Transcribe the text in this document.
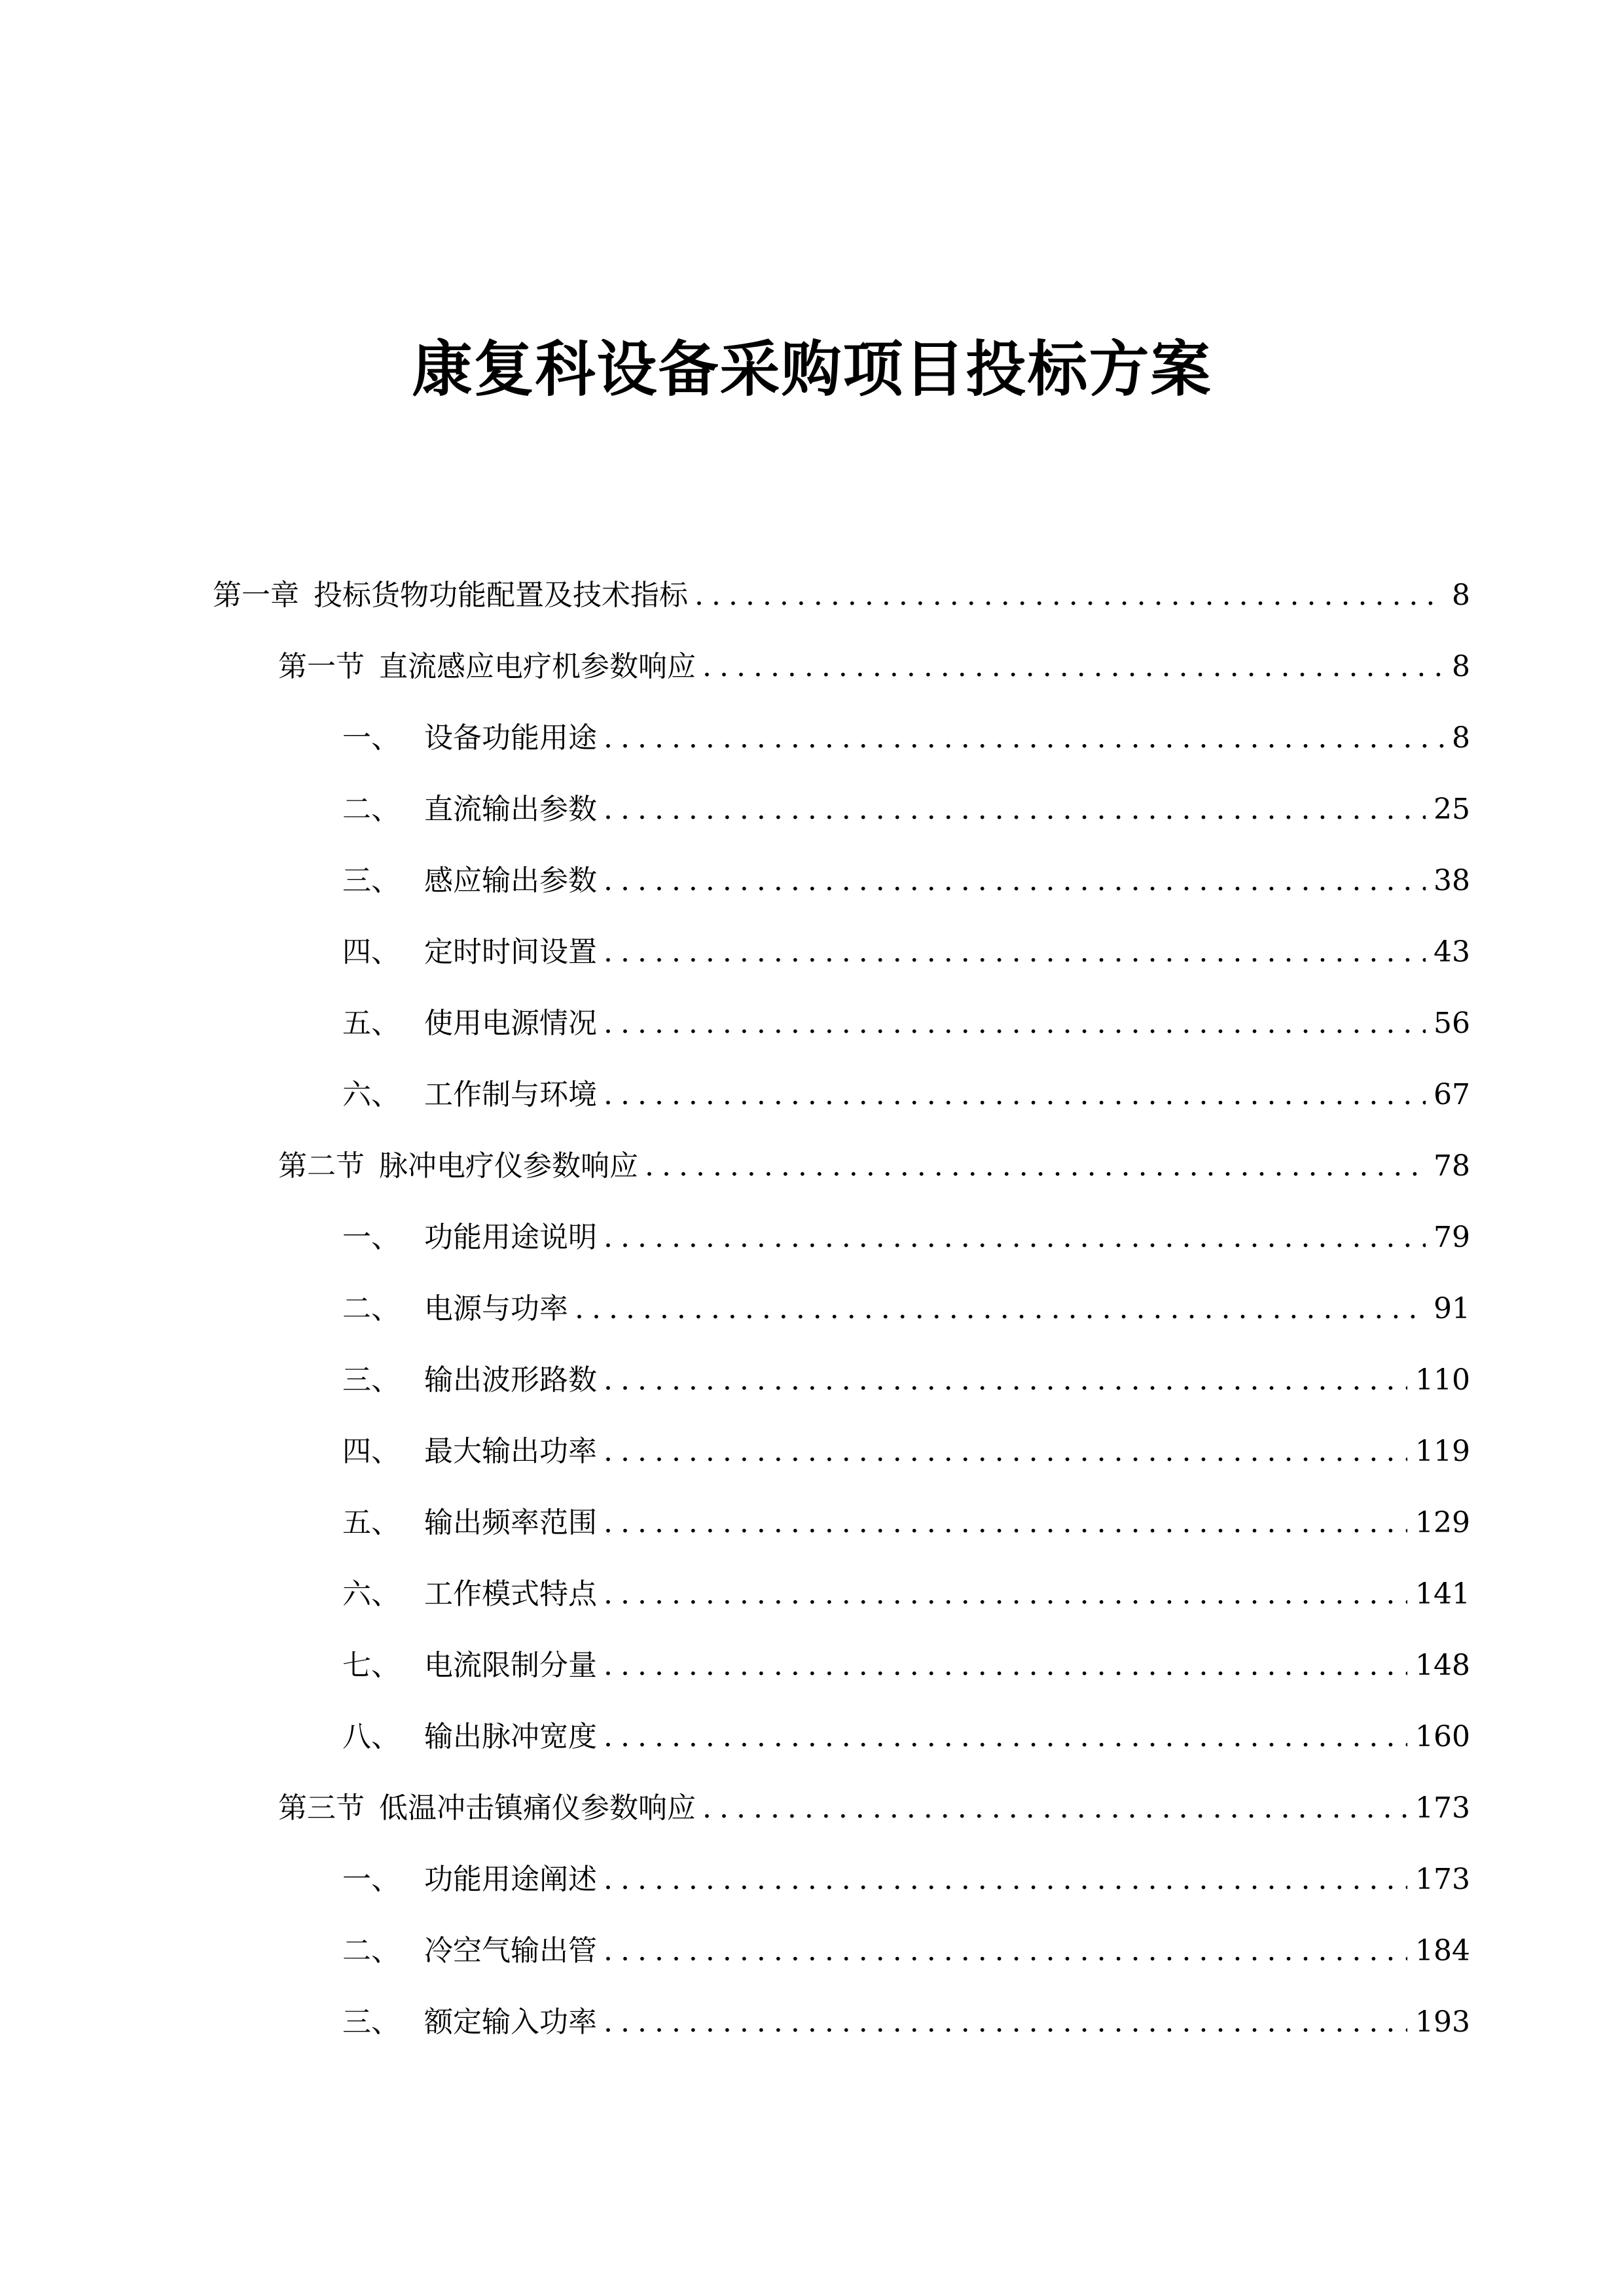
康复科设备采购项目投标方案
第一章 投标货物功能配置及技术指标 .....	8
第一节 直流感应电疗机参数响应 .....	8
一、 设备功能用途 .....	8
二、 直流输出参数 .....	25
三、 感应输出参数 .....	38
四、 定时时间设置 .....	43
五、 使用电源情况 .....	56
六、 工作制与环境 .....	67
第二节 脉冲电疗仪参数响应 .....	78
一、 功能用途说明 .....	79
二、 电源与功率 .....	91
三、 输出波形路数 .....	110
四、 最大输出功率 .....	119
五、 输出频率范围 .....	129
六、 工作模式特点 .....	141
七、 电流限制分量 .....	148
八、 输出脉冲宽度 .....	160
第三节 低温冲击镇痛仪参数响应 .....	173
一、 功能用途阐述 .....	173
二、 冷空气输出管 .....	184
三、 额定输入功率 .....	193
